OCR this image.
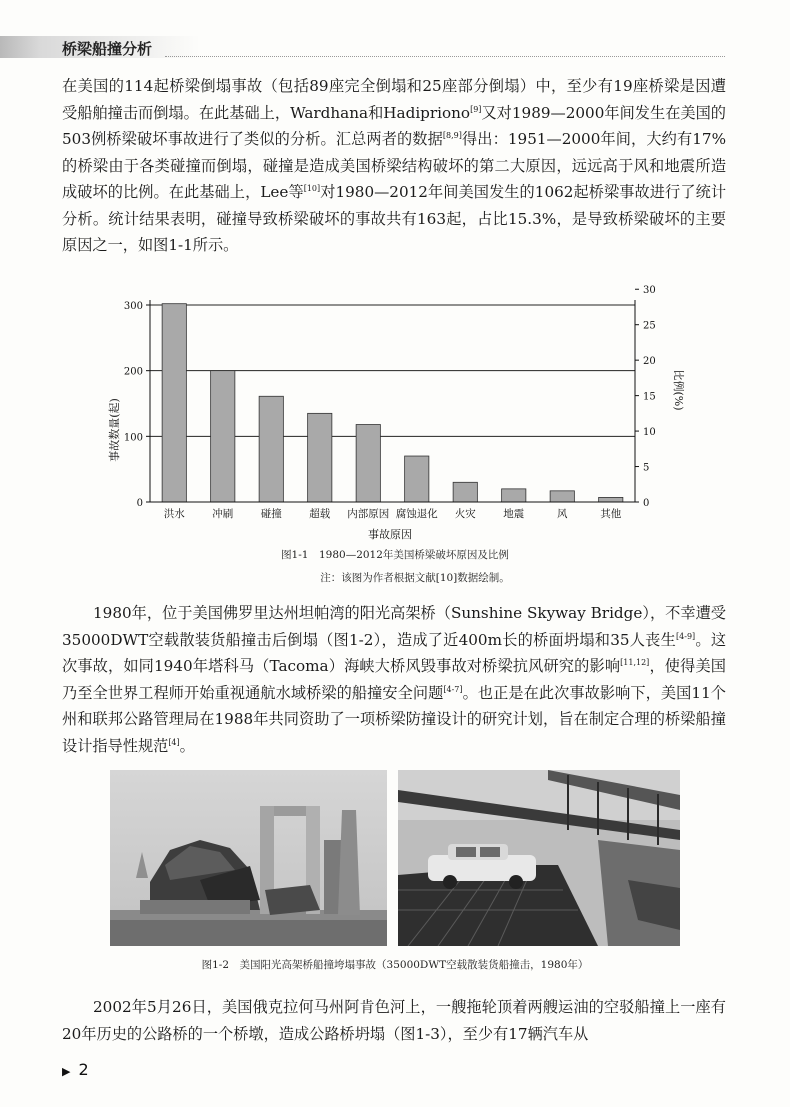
桥梁船撞分析

在美国的114起桥梁倒塌事故（包括89座完全倒塌和25座部分倒塌）中，至少有19座桥梁是因遭受船舶撞击而倒塌。在此基础上，Wardhana和Hadipriono[9]又对1989—2000年间发生在美国的503例桥梁破坏事故进行了类似的分析。汇总两者的数据[8,9]得出：1951—2000年间，大约有17%的桥梁由于各类碰撞而倒塌，碰撞是造成美国桥梁结构破坏的第二大原因，远远高于风和地震所造成破坏的比例。在此基础上，Lee等[10]对1980—2012年间美国发生的1062起桥梁事故进行了统计分析。统计结果表明，碰撞导致桥梁破坏的事故共有163起，占比15.3%，是导致桥梁破坏的主要原因之一，如图1-1所示。

洪水	冲刷	碰撞	超载 内部原因 腐蚀退化 火灾	地震	风	其他
0
100
200
300
0
5
10
15
20
25
30
事故数量(起)
比例(%)
事故原因
图1-1　1980—2012年美国桥梁破坏原因及比例
注：该图为作者根据文献[10]数据绘制。

1980年，位于美国佛罗里达州坦帕湾的阳光高架桥（Sunshine Skyway Bridge），不幸遭受35000DWT空载散装货船撞击后倒塌（图1-2），造成了近400m长的桥面坍塌和35人丧生[4-9]。这次事故，如同1940年塔科马（Tacoma）海峡大桥风毁事故对桥梁抗风研究的影响[11,12]，使得美国乃至全世界工程师开始重视通航水域桥梁的船撞安全问题[4-7]。也正是在此次事故影响下，美国11个州和联邦公路管理局在1988年共同资助了一项桥梁防撞设计的研究计划，旨在制定合理的桥梁船撞设计指导性规范[4]。

图1-2　美国阳光高架桥船撞垮塌事故（35000DWT空载散装货船撞击，1980年）

2002年5月26日，美国俄克拉何马州阿肯色河上，一艘拖轮顶着两艘运油的空驳船撞上一座有20年历史的公路桥的一个桥墩，造成公路桥坍塌（图1-3），至少有17辆汽车从

▶ 2
